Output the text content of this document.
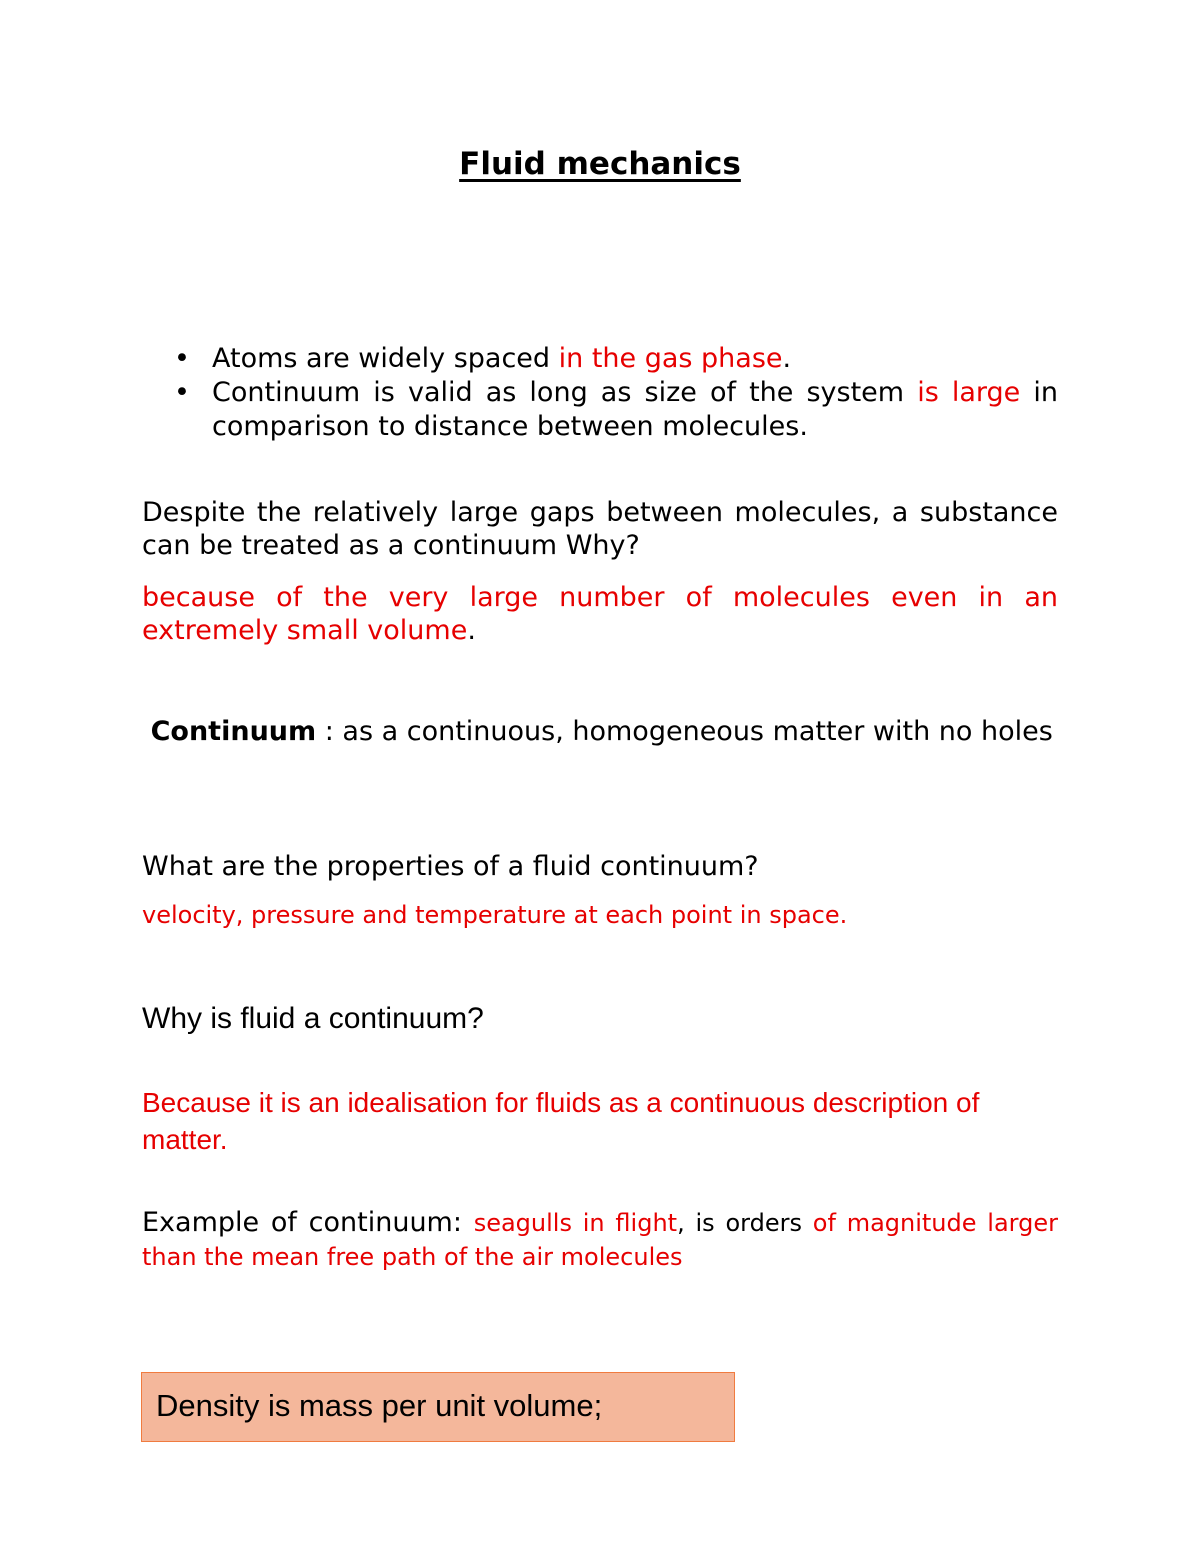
Fluid mechanics
• Atoms are widely spaced in the gas phase.
• Continuum is valid as long as size of the system is large in comparison to distance between molecules.

Despite the relatively large gaps between molecules, a substance can be treated as a continuum Why?

because of the very large number of molecules even in an extremely small volume.

Continuum : as a continuous, homogeneous matter with no holes

What are the properties of a fluid continuum?

velocity, pressure and temperature at each point in space.

Why is fluid a continuum?

Because it is an idealisation for fluids as a continuous description of matter.

Example of continuum: seagulls in flight, is orders of magnitude larger than the mean free path of the air molecules

Density is mass per unit volume;
